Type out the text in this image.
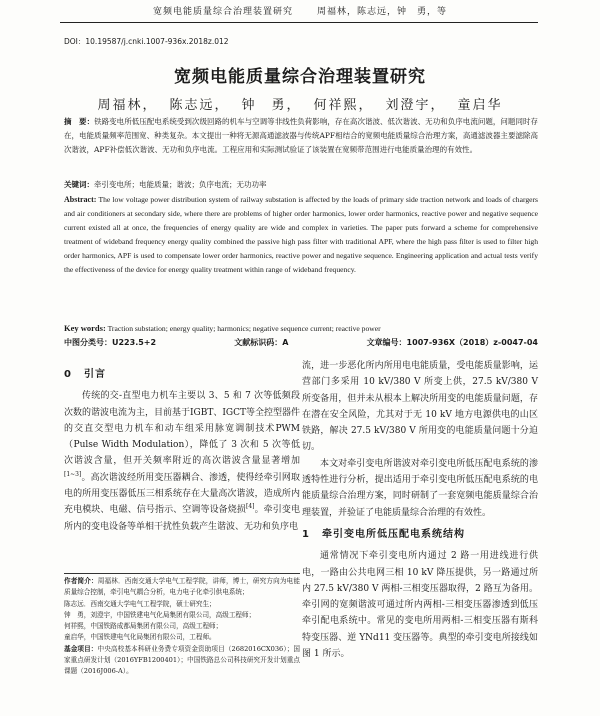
宽频电能质量综合治理装置研究	周福林，陈志远，钟　勇，等
DOI：10.19587/j.cnki.1007-936x.2018z.012
宽频电能质量综合治理装置研究
周福林， 陈志远， 钟　勇， 何祥熙， 刘澄宇， 童启华
摘　要：铁路变电所低压配电系统受到次级回路的机车与空调等非线性负荷影响，存在高次谐波、低次谐波、无功和负序电流问题，问题同时存在，电能质量频率范围宽、种类复杂。本文提出一种将无源高通滤波器与传统APF相结合的宽频电能质量综合治理方案，高通滤波器主要滤除高次谐波，APF补偿低次谐波、无功和负序电流。工程应用和实际测试验证了该装置在宽频带范围进行电能质量治理的有效性。
关键词：牵引变电所；电能质量；谐波；负序电流；无功功率
Abstract: The low voltage power distribution system of railway substation is affected by the loads of primary side traction network and loads of chargers and air conditioners at secondary side, where there are problems of higher order harmonics, lower order harmonics, reactive power and negative sequence current existed all at once, the frequencies of energy quality are wide and complex in varieties. The paper puts forward a scheme for comprehensive treatment of wideband frequency energy quality combined the passive high pass filter with traditional APF, where the high pass filter is used to filter high order harmonics, APF is used to compensate lower order harmonics, reactive power and negative sequence. Engineering application and actual tests verify the effectiveness of the device for energy quality treatment within range of wideband frequency.
Key words: Traction substation; energy quality; harmonics; negative sequence current; reactive power
中图分类号：U223.5+2	文献标识码：A	文章编号：1007-936X（2018）z-0047-04
0 引言

传统的交-直型电力机车主要以 3、5 和 7 次等低频段次数的谐波电流为主，目前基于IGBT、IGCT等全控型器件的交直交型电力机车和动车组采用脉宽调制技术PWM（Pulse Width Modulation），降低了 3 次和 5 次等低次谐波含量，但开关频率附近的高次谐波含量显著增加[1~3]。高次谐波经所用变压器耦合、渗透，使得经牵引网取电的所用变压器低压三相系统存在大量高次谐波，造成所内充电模块、电磁、信号指示、空调等设备烧损[4]。牵引变电所内的变电设备等单相干扰性负载产生谐波、无功和负序电

作者简介：周福林．西南交通大学电气工程学院，讲师，博士，研究方向为电能质量综合控制，牵引电气耦合分析，电力电子化牵引供电系统；

陈志远．西南交通大学电气工程学院，硕士研究生；

钟　勇，刘澄宇，中国铁建电气化局集团有限公司，高级工程师；

何祥熙，中国铁路成都局集团有限公司，高级工程师；

童启华，中国铁建电气化局集团有限公司，工程师。

基金项目：中央高校基本科研业务费专项资金资助项目（2682016CX036）；国家重点研发计划（2016YFB1200401）；中国铁路总公司科技研究开发计划重点课题（2016J006-A）。

流，进一步恶化所内所用电电能质量，受电能质量影响，运营部门多采用 10 kV/380 V 所变上供，27.5 kV/380 V 所变备用，但并未从根本上解决所用变的电能质量问题，存在潜在安全风险，尤其对于无 10 kV 地方电源供电的山区铁路，解决 27.5 kV/380 V 所用变的电能质量问题十分迫切。

本文对牵引变电所谐波对牵引变电所低压配电系统的渗透特性进行分析，提出适用于牵引变电所低压配电系统的电能质量综合治理方案，同时研制了一套宽频电能质量综合治理装置，并验证了电能质量综合治理的有效性。

1 牵引变电所低压配电系统结构

通常情况下牵引变电所内通过 2 路一用进线进行供电，一路由公共电网三相 10 kV 降压提供，另一路通过所内 27.5 kV/380 V 两相-三相变压器取得，2 路互为备用。牵引网的宽频谐波可通过所内两相-三相变压器渗透到低压牵引配电系统中。常见的变电所用两相-三相变压器有斯科特变压器、逆 YNd11 变压器等。典型的牵引变电所接线如图 1 所示。
